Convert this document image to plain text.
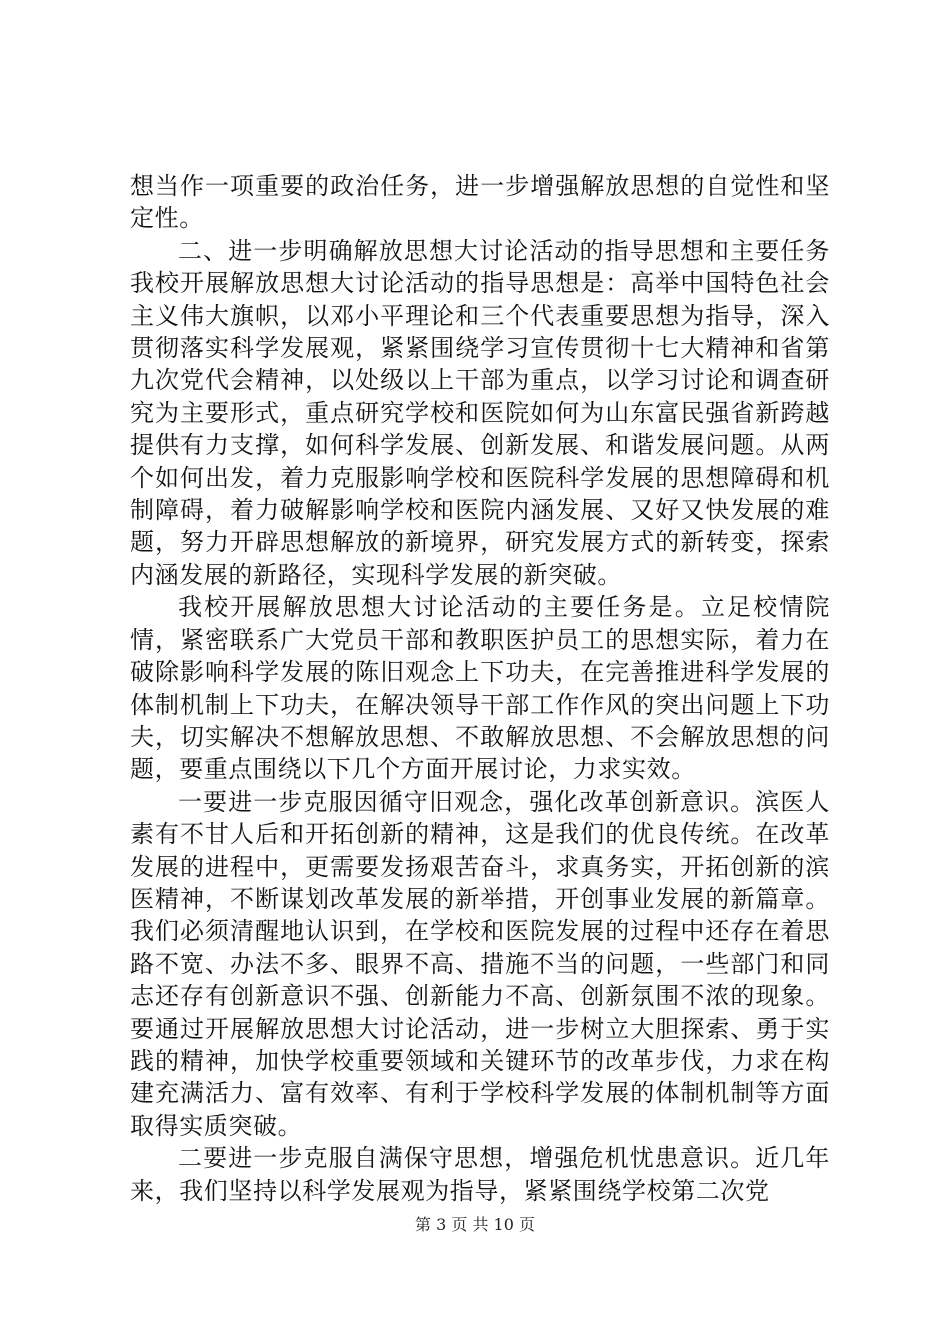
想当作一项重要的政治任务，进一步增强解放思想的自觉性和坚定性。

二、进一步明确解放思想大讨论活动的指导思想和主要任务我校开展解放思想大讨论活动的指导思想是：高举中国特色社会主义伟大旗帜，以邓小平理论和三个代表重要思想为指导，深入贯彻落实科学发展观，紧紧围绕学习宣传贯彻十七大精神和省第九次党代会精神，以处级以上干部为重点，以学习讨论和调查研究为主要形式，重点研究学校和医院如何为山东富民强省新跨越提供有力支撑，如何科学发展、创新发展、和谐发展问题。从两个如何出发，着力克服影响学校和医院科学发展的思想障碍和机制障碍，着力破解影响学校和医院内涵发展、又好又快发展的难题，努力开辟思想解放的新境界，研究发展方式的新转变，探索内涵发展的新路径，实现科学发展的新突破。

我校开展解放思想大讨论活动的主要任务是。立足校情院情，紧密联系广大党员干部和教职医护员工的思想实际，着力在破除影响科学发展的陈旧观念上下功夫，在完善推进科学发展的体制机制上下功夫，在解决领导干部工作作风的突出问题上下功夫，切实解决不想解放思想、不敢解放思想、不会解放思想的问题，要重点围绕以下几个方面开展讨论，力求实效。

一要进一步克服因循守旧观念，强化改革创新意识。滨医人素有不甘人后和开拓创新的精神，这是我们的优良传统。在改革发展的进程中，更需要发扬艰苦奋斗，求真务实，开拓创新的滨医精神，不断谋划改革发展的新举措，开创事业发展的新篇章。我们必须清醒地认识到，在学校和医院发展的过程中还存在着思路不宽、办法不多、眼界不高、措施不当的问题，一些部门和同志还存有创新意识不强、创新能力不高、创新氛围不浓的现象。要通过开展解放思想大讨论活动，进一步树立大胆探索、勇于实践的精神，加快学校重要领域和关键环节的改革步伐，力求在构建充满活力、富有效率、有利于学校科学发展的体制机制等方面取得实质突破。

二要进一步克服自满保守思想，增强危机忧患意识。近几年来，我们坚持以科学发展观为指导，紧紧围绕学校第二次党

第 3 页 共 10 页
